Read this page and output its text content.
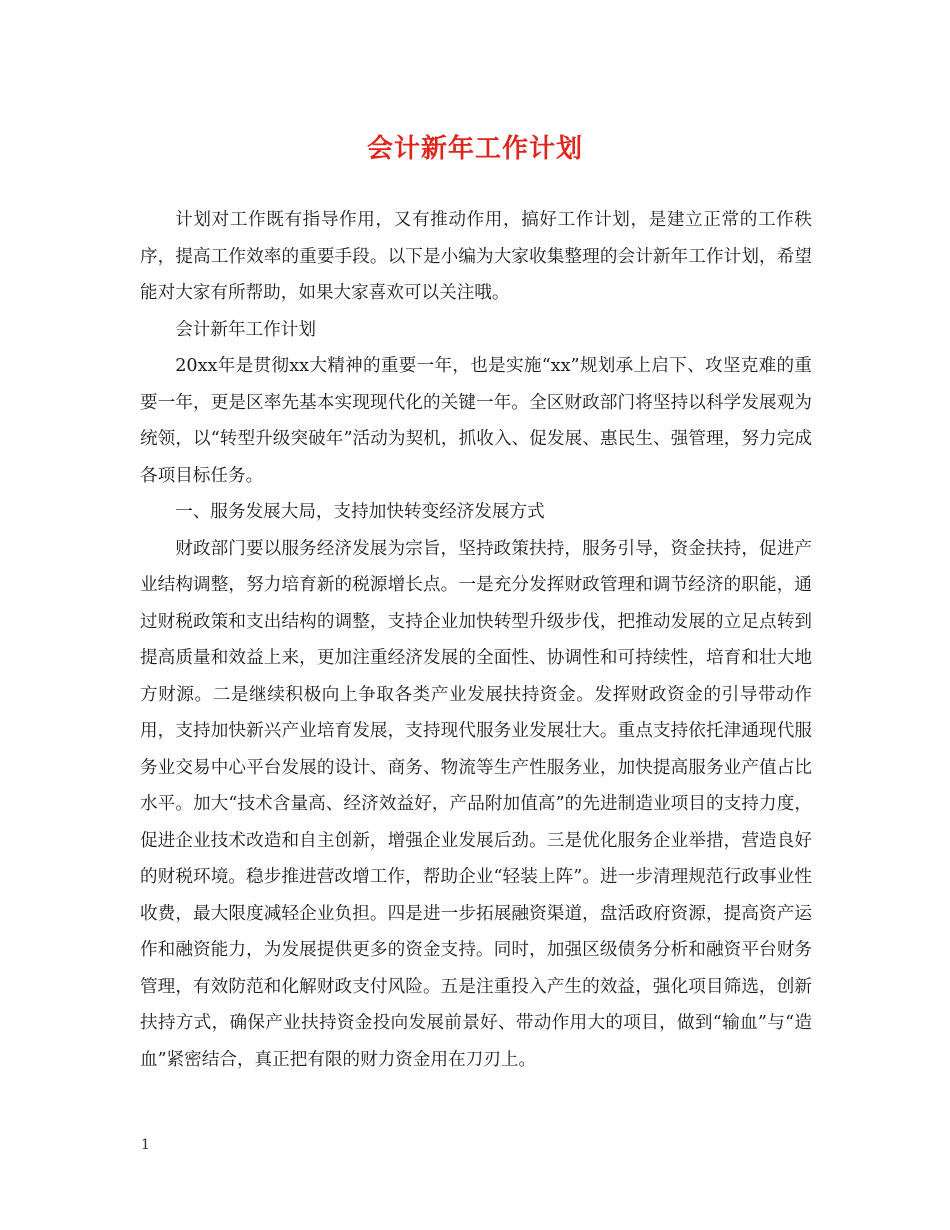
会计新年工作计划

计划对工作既有指导作用，又有推动作用，搞好工作计划，是建立正常的工作秩序，提高工作效率的重要手段。以下是小编为大家收集整理的会计新年工作计划，希望能对大家有所帮助，如果大家喜欢可以关注哦。

会计新年工作计划

20xx年是贯彻xx大精神的重要一年，也是实施“xx”规划承上启下、攻坚克难的重要一年，更是区率先基本实现现代化的关键一年。全区财政部门将坚持以科学发展观为统领，以“转型升级突破年”活动为契机，抓收入、促发展、惠民生、强管理，努力完成各项目标任务。

一、服务发展大局，支持加快转变经济发展方式

财政部门要以服务经济发展为宗旨，坚持政策扶持，服务引导，资金扶持，促进产业结构调整，努力培育新的税源增长点。一是充分发挥财政管理和调节经济的职能，通过财税政策和支出结构的调整，支持企业加快转型升级步伐，把推动发展的立足点转到提高质量和效益上来，更加注重经济发展的全面性、协调性和可持续性，培育和壮大地方财源。二是继续积极向上争取各类产业发展扶持资金。发挥财政资金的引导带动作用，支持加快新兴产业培育发展，支持现代服务业发展壮大。重点支持依托津通现代服务业交易中心平台发展的设计、商务、物流等生产性服务业，加快提高服务业产值占比水平。加大“技术含量高、经济效益好，产品附加值高”的先进制造业项目的支持力度，促进企业技术改造和自主创新，增强企业发展后劲。三是优化服务企业举措，营造良好的财税环境。稳步推进营改增工作，帮助企业“轻装上阵”。进一步清理规范行政事业性收费，最大限度减轻企业负担。四是进一步拓展融资渠道，盘活政府资源，提高资产运作和融资能力，为发展提供更多的资金支持。同时，加强区级债务分析和融资平台财务管理，有效防范和化解财政支付风险。五是注重投入产生的效益，强化项目筛选，创新扶持方式，确保产业扶持资金投向发展前景好、带动作用大的项目，做到“输血”与“造血”紧密结合，真正把有限的财力资金用在刀刃上。

1
